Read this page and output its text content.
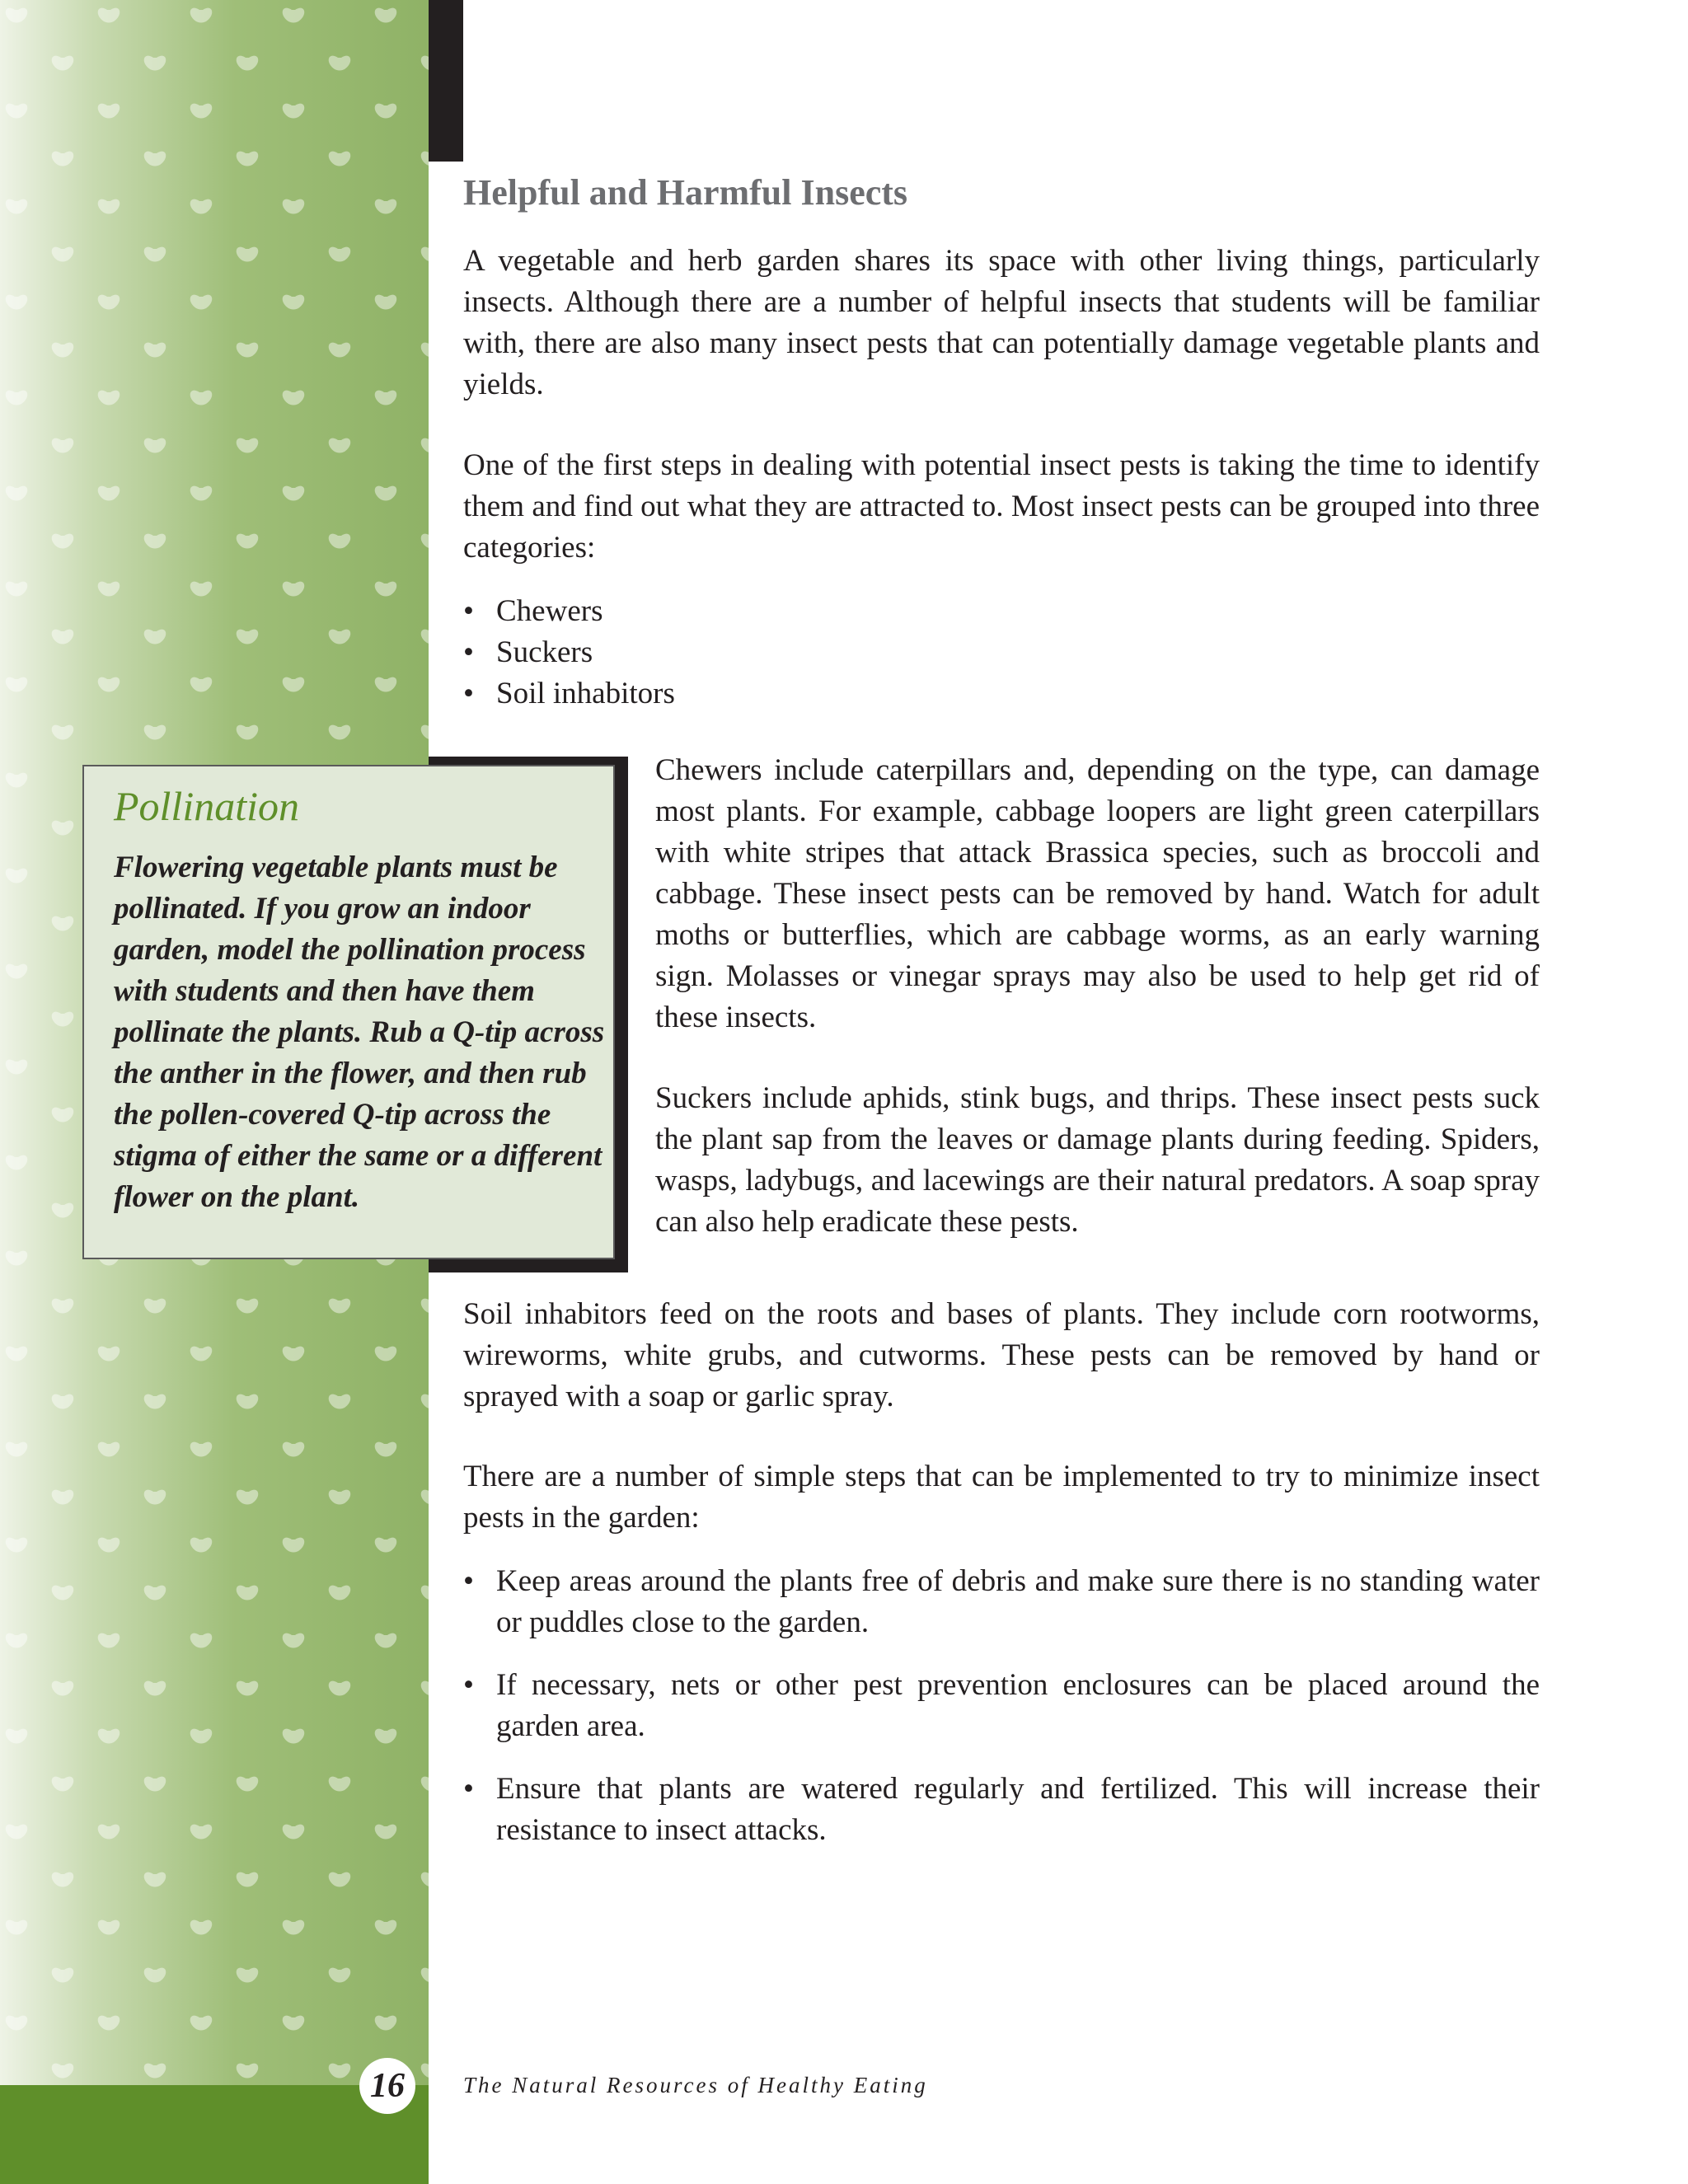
Helpful and Harmful Insects

A vegetable and herb garden shares its space with other living things, particularly insects. Although there are a number of helpful insects that students will be familiar with, there are also many insect pests that can potentially damage vegetable plants and yields.

One of the first steps in dealing with potential insect pests is taking the time to identify them and find out what they are attracted to. Most insect pests can be grouped into three categories:

• Chewers
• Suckers
• Soil inhabitors
Pollination

Flowering vegetable plants must be pollinated. If you grow an indoor garden, model the pollination process with students and then have them pollinate the plants. Rub a Q-tip across the anther in the flower, and then rub the pollen-covered Q-tip across the stigma of either the same or a different flower on the plant.

Chewers include caterpillars and, depending on the type, can damage most plants. For example, cabbage loopers are light green caterpillars with white stripes that attack Brassica species, such as broccoli and cabbage. These insect pests can be removed by hand. Watch for adult moths or butterflies, which are cabbage worms, as an early warning sign. Molasses or vinegar sprays may also be used to help get rid of these insects.

Suckers include aphids, stink bugs, and thrips. These insect pests suck the plant sap from the leaves or damage plants during feeding. Spiders, wasps, ladybugs, and lacewings are their natural predators. A soap spray can also help eradicate these pests.

Soil inhabitors feed on the roots and bases of plants. They include corn rootworms, wireworms, white grubs, and cutworms. These pests can be removed by hand or sprayed with a soap or garlic spray.

There are a number of simple steps that can be implemented to try to minimize insect pests in the garden:

• Keep areas around the plants free of debris and make sure there is no standing water or puddles close to the garden.
• If necessary, nets or other pest prevention enclosures can be placed around the garden area.
• Ensure that plants are watered regularly and fertilized. This will increase their resistance to insect attacks.
16	The Natural Resources of Healthy Eating
